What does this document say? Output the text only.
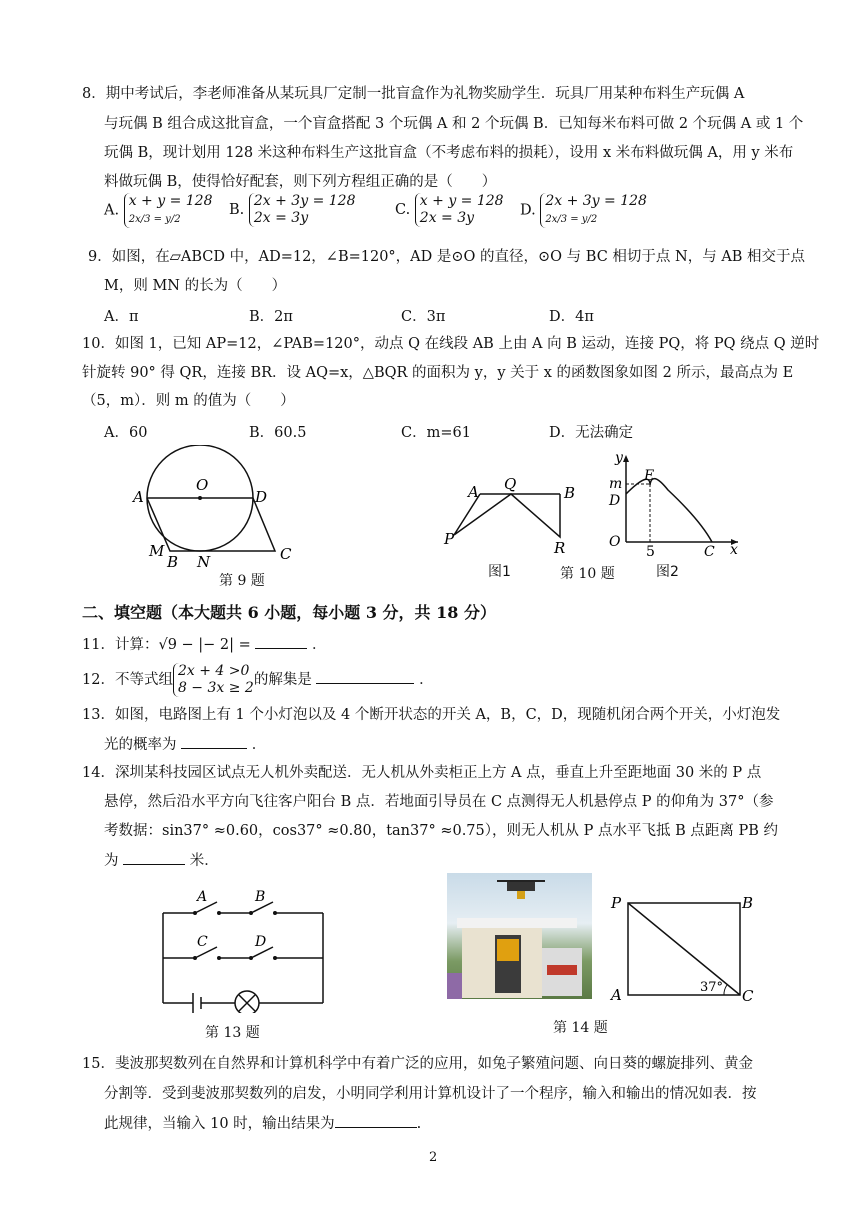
8．期中考试后，李老师准备从某玩具厂定制一批盲盒作为礼物奖励学生．玩具厂用某种布料生产玩偶 A
与玩偶 B 组合成这批盲盒，一个盲盒搭配 3 个玩偶 A 和 2 个玩偶 B．已知每米布料可做 2 个玩偶 A 或 1 个
玩偶 B，现计划用 128 米这种布料生产这批盲盒（不考虑布料的损耗），设用 x 米布料做玩偶 A，用 y 米布
料做玩偶 B，使得恰好配套，则下列方程组正确的是（　　）
A. x + y = 128
2x/3 = y/2
B. 2x + 3y = 128
2x = 3y	C. x + y = 128
2x = 3y	D. 2x + 3y = 128
2x/3 = y/2
9．如图，在▱ABCD 中，AD=12，∠B=120°，AD 是⊙O 的直径，⊙O 与 BC 相切于点 N，与 AB 相交于点
M，则 MN 的长为（　　）
A．π	B．2π	C．3π	D．4π
10．如图 1，已知 AP=12，∠PAB=120°，动点 Q 在线段 AB 上由 A 向 B 运动，连接 PQ，将 PQ 绕点 Q 逆时
针旋转 90° 得 QR，连接 BR．设 AQ=x，△BQR 的面积为 y，y 关于 x 的函数图象如图 2 所示，最高点为 E
（5，m）．则 m 的值为（　　）
A．60	B．60.5	C．m=61	D．无法确定
O
A	D
M
B N	C
第 9 题
A Q	B
P	R
图1	第 10 题
y
E
m
D
O
5	C x
图2
二、填空题（本大题共 6 小题，每小题 3 分，共 18 分）
11．计算：√9 − |− 2| =	．
12．不等式组2x + 4 >0
8 − 3x ≥ 2的解集是	．
13．如图，电路图上有 1 个小灯泡以及 4 个断开状态的开关 A，B，C，D，现随机闭合两个开关，小灯泡发
光的概率为	．
14．深圳某科技园区试点无人机外卖配送．无人机从外卖柜正上方 A 点，垂直上升至距地面 30 米的 P 点
悬停，然后沿水平方向飞往客户阳台 B 点．若地面引导员在 C 点测得无人机悬停点 P 的仰角为 37°（参
考数据：sin37° ≈0.60，cos37° ≈0.80，tan37° ≈0.75），则无人机从 P 点水平飞抵 B 点距离 PB 约
为	米．
A	B
C	D
第 13 题
P	B
A	C
37°
第 14 题
15．斐波那契数列在自然界和计算机科学中有着广泛的应用，如兔子繁殖问题、向日葵的螺旋排列、黄金
分割等．受到斐波那契数列的启发，小明同学利用计算机设计了一个程序，输入和输出的情况如表．按
此规律，当输入 10 时，输出结果为	.
2
